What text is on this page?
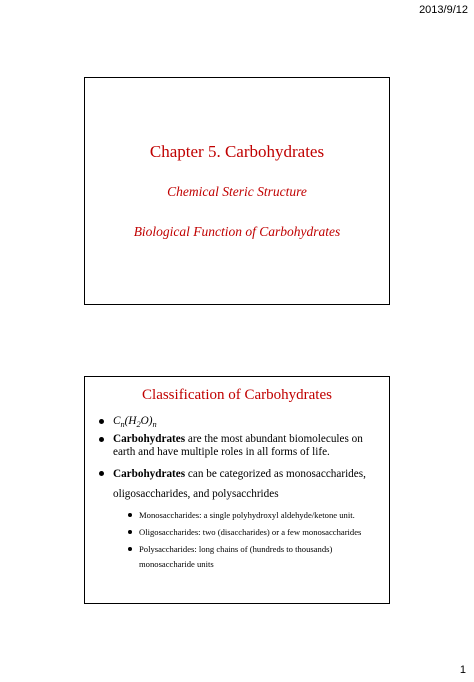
2013/9/12
Chapter 5. Carbohydrates
Chemical Steric Structure
Biological Function of Carbohydrates
Classification of Carbohydrates
$C_n(H_2O)_n$
Carbohydrates are the most abundant biomolecules on earth and have multiple roles in all forms of life.
Carbohydrates can be categorized as monosaccharides, oligosaccharides, and polysacchrides
Monosaccharides: a single polyhydroxyl aldehyde/ketone unit.
Oligosaccharides: two (disaccharides) or a few monosaccharides
Polysaccharides: long chains of (hundreds to thousands) monosaccharide units
1
